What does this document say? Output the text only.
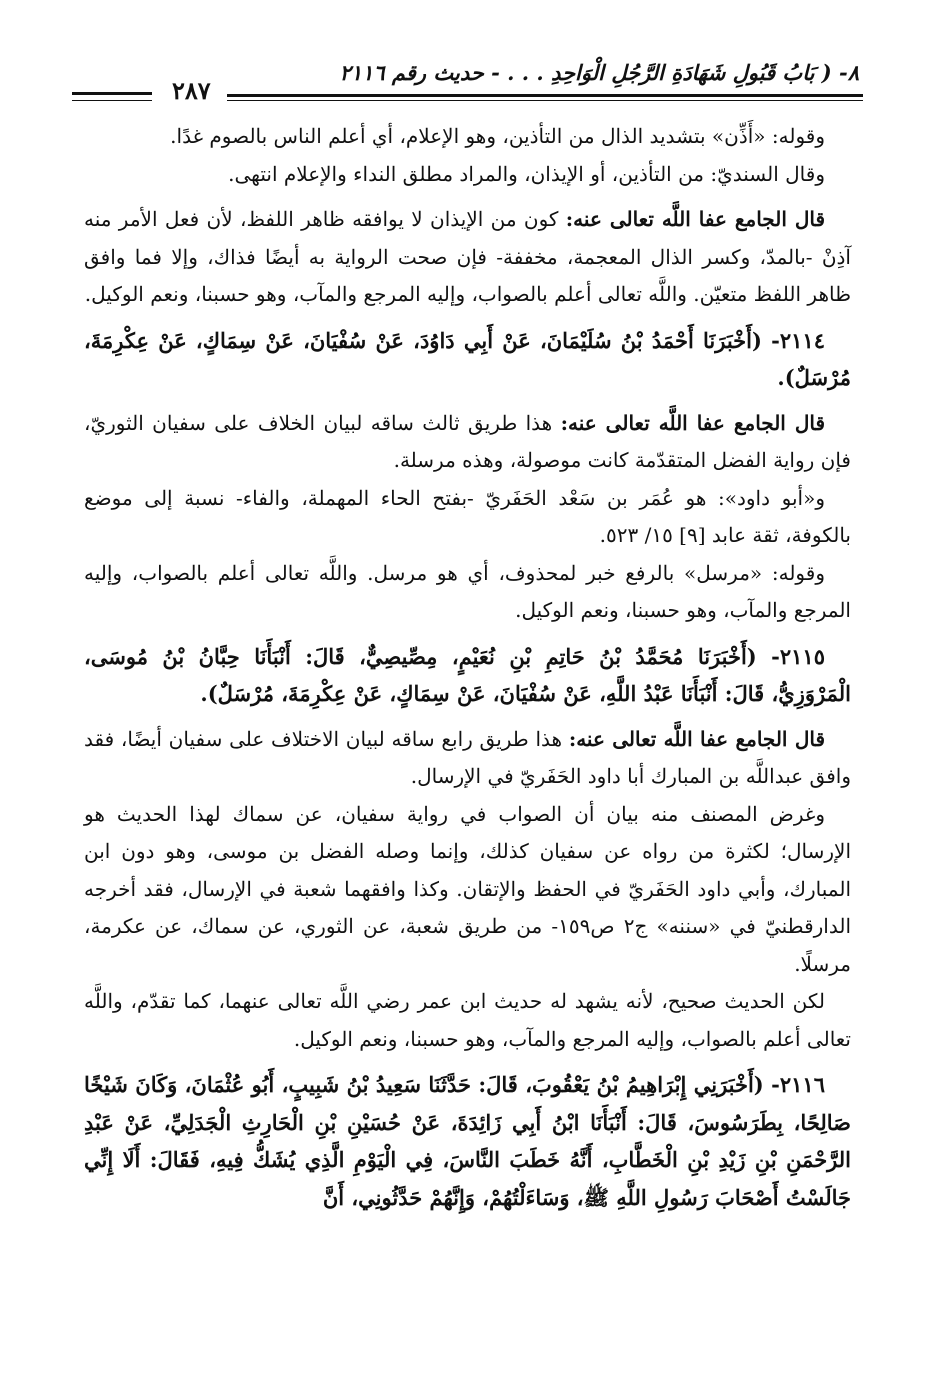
٨- ( بَابُ قَبُولِ شَهَادَةِ الرَّجُلِ الْوَاحِدِ . . . - حديث رقم ٢١١٦
٢٨٧

وقوله: «أَذِّن» بتشديد الذال من التأذين، وهو الإعلام، أي أعلم الناس بالصوم غدًا.

وقال السنديّ: من التأذين، أو الإيذان، والمراد مطلق النداء والإعلام انتهى.

قال الجامع عفا اللَّه تعالى عنه: كون من الإيذان لا يوافقه ظاهر اللفظ، لأن فعل الأمر منه آذِنْ -بالمدّ، وكسر الذال المعجمة، مخففة- فإن صحت الرواية به أيضًا فذاك، وإلا فما وافق ظاهر اللفظ متعيّن. واللَّه تعالى أعلم بالصواب، وإليه المرجع والمآب، وهو حسبنا، ونعم الوكيل.

٢١١٤- (أَخْبَرَنَا أَحْمَدُ بْنُ سُلَيْمَانَ، عَنْ أَبِي دَاوُدَ، عَنْ سُفْيَانَ، عَنْ سِمَاكٍ، عَنْ عِكْرِمَةَ، مُرْسَلٌ).

قال الجامع عفا اللَّه تعالى عنه: هذا طريق ثالث ساقه لبيان الخلاف على سفيان الثوريّ، فإن رواية الفضل المتقدّمة كانت موصولة، وهذه مرسلة.

و«أبو داود»: هو عُمَر بن سَعْد الحَفَريّ -بفتح الحاء المهملة، والفاء- نسبة إلى موضع بالكوفة، ثقة عابد [٩] ١٥/ ٥٢٣.

وقوله: «مرسل» بالرفع خبر لمحذوف، أي هو مرسل. واللَّه تعالى أعلم بالصواب، وإليه المرجع والمآب، وهو حسبنا، ونعم الوكيل.

٢١١٥- (أَخْبَرَنَا مُحَمَّدُ بْنُ حَاتِمِ بْنِ نُعَيْمٍ، مِصِّيصِيٌّ، قَالَ: أَنْبَأَنَا حِبَّانُ بْنُ مُوسَى، الْمَرْوَزِيُّ، قَالَ: أَنْبَأَنَا عَبْدُ اللَّهِ، عَنْ سُفْيَانَ، عَنْ سِمَاكٍ، عَنْ عِكْرِمَةَ، مُرْسَلٌ).

قال الجامع عفا اللَّه تعالى عنه: هذا طريق رابع ساقه لبيان الاختلاف على سفيان أيضًا، فقد وافق عبداللَّه بن المبارك أبا داود الحَفَريّ في الإرسال.

وغرض المصنف منه بيان أن الصواب في رواية سفيان، عن سماك لهذا الحديث هو الإرسال؛ لكثرة من رواه عن سفيان كذلك، وإنما وصله الفضل بن موسى، وهو دون ابن المبارك، وأبي داود الحَفَريّ في الحفظ والإتقان. وكذا وافقهما شعبة في الإرسال، فقد أخرجه الدارقطنيّ في «سننه» ج٢ ص١٥٩- من طريق شعبة، عن الثوري، عن سماك، عن عكرمة، مرسلًا.

لكن الحديث صحيح، لأنه يشهد له حديث ابن عمر رضي اللَّه تعالى عنهما، كما تقدّم، واللَّه تعالى أعلم بالصواب، وإليه المرجع والمآب، وهو حسبنا، ونعم الوكيل.

٢١١٦- (أَخْبَرَنِي إِبْرَاهِيمُ بْنُ يَعْقُوبَ، قَالَ: حَدَّثَنَا سَعِيدُ بْنُ شَبِيبٍ، أَبُو عُثْمَانَ، وَكَانَ شَيْخًا صَالِحًا، بِطَرَسُوسَ، قَالَ: أَنْبَأَنَا ابْنُ أَبِي زَائِدَةَ، عَنْ حُسَيْنِ بْنِ الْحَارِثِ الْجَدَلِيِّ، عَنْ عَبْدِ الرَّحْمَنِ بْنِ زَيْدِ بْنِ الْخَطَّابِ، أَنَّهُ خَطَبَ النَّاسَ، فِي الْيَوْمِ الَّذِي يُشَكُّ فِيهِ، فَقَالَ: أَلَا إِنِّي جَالَسْتُ أَصْحَابَ رَسُولِ اللَّهِ ﷺ، وَسَاءَلْتُهُمْ، وَإِنَّهُمْ حَدَّثُونِي، أَنَّ
